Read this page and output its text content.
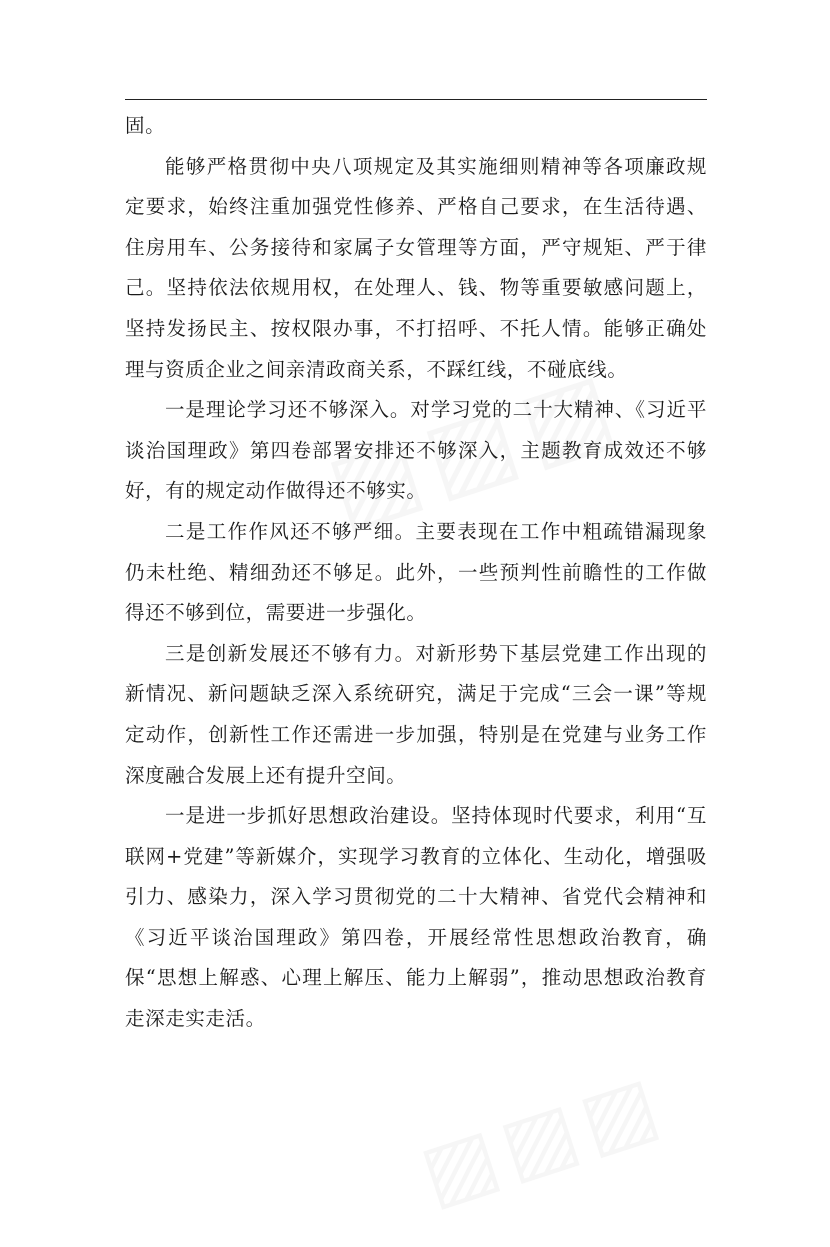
固。

能够严格贯彻中央八项规定及其实施细则精神等各项廉政规定要求，始终注重加强党性修养、严格自己要求，在生活待遇、住房用车、公务接待和家属子女管理等方面，严守规矩、严于律己。坚持依法依规用权，在处理人、钱、物等重要敏感问题上，坚持发扬民主、按权限办事，不打招呼、不托人情。能够正确处理与资质企业之间亲清政商关系，不踩红线，不碰底线。

一是理论学习还不够深入。对学习党的二十大精神、《习近平谈治国理政》第四卷部署安排还不够深入，主题教育成效还不够好，有的规定动作做得还不够实。

二是工作作风还不够严细。主要表现在工作中粗疏错漏现象仍未杜绝、精细劲还不够足。此外，一些预判性前瞻性的工作做得还不够到位，需要进一步强化。

三是创新发展还不够有力。对新形势下基层党建工作出现的新情况、新问题缺乏深入系统研究，满足于完成“三会一课”等规定动作，创新性工作还需进一步加强，特别是在党建与业务工作深度融合发展上还有提升空间。

一是进一步抓好思想政治建设。坚持体现时代要求，利用“互联网+党建”等新媒介，实现学习教育的立体化、生动化，增强吸引力、感染力，深入学习贯彻党的二十大精神、省党代会精神和《习近平谈治国理政》第四卷，开展经常性思想政治教育，确保“思想上解惑、心理上解压、能力上解弱”，推动思想政治教育走深走实走活。
